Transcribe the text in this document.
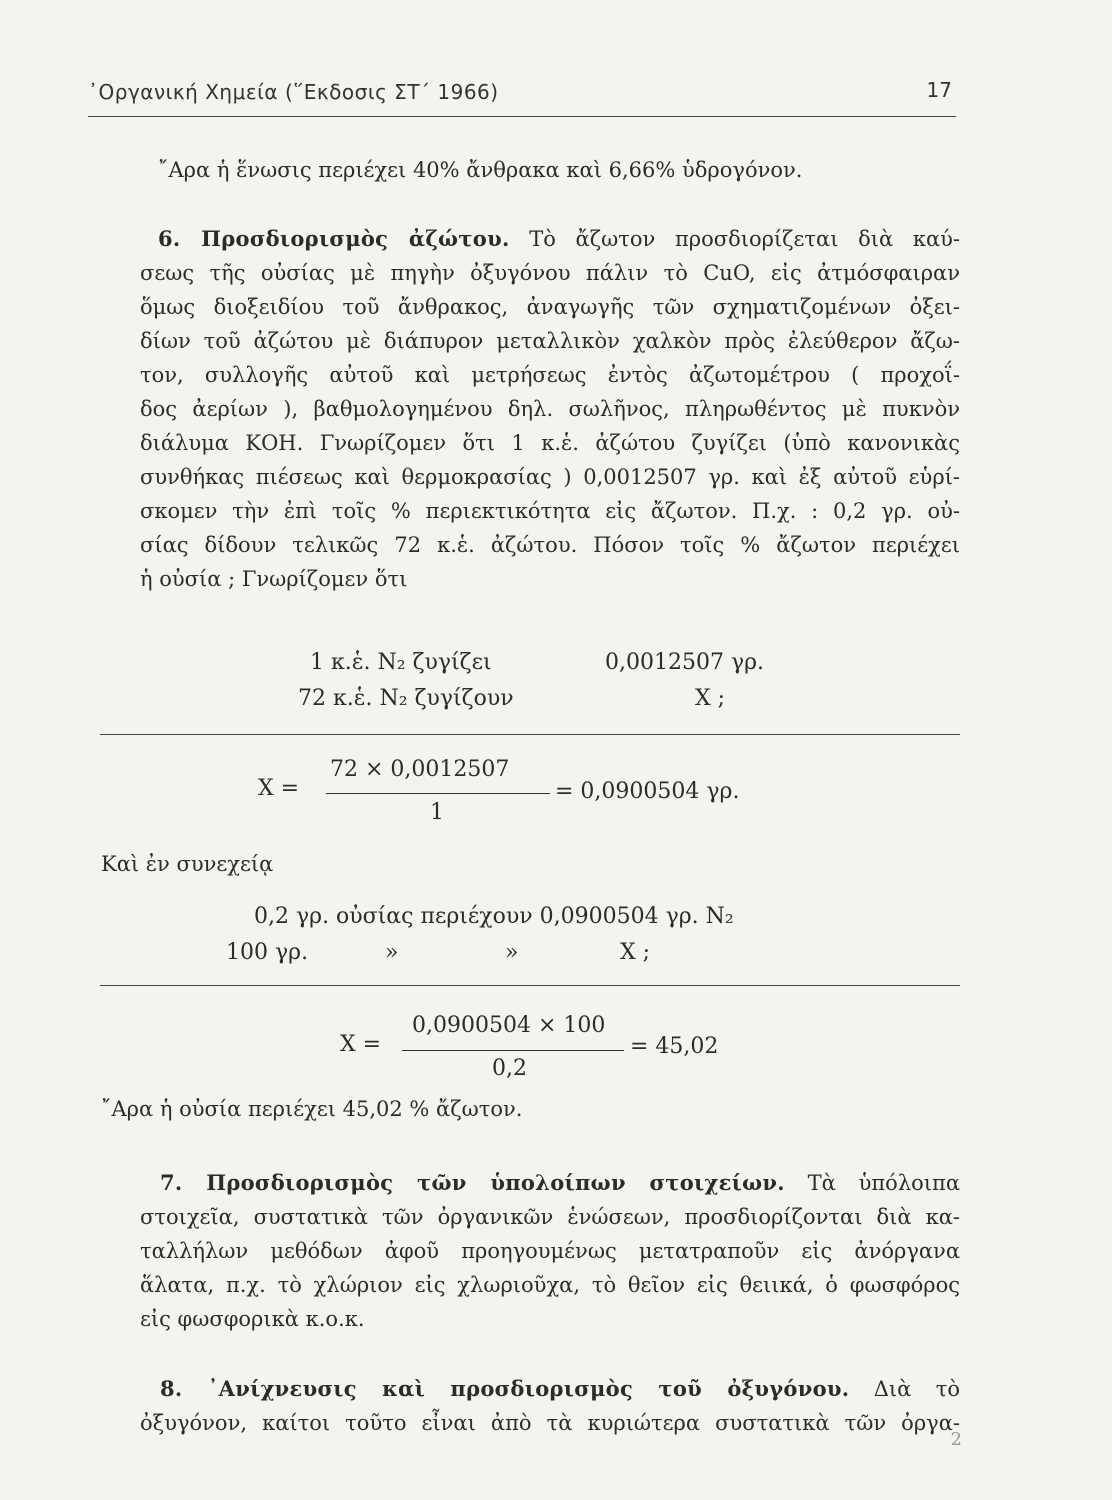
᾽Οργανική Χημεία (῞Εκδοσις ΣΤ΄ 1966)	17
῎Αρα ἡ ἕνωσις περιέχει 40% ἄνθρακα καὶ 6,66% ὑδρογόνον.
6. Προσδιορισμὸς ἀζώτου. Τὸ ἄζωτον προσδιορίζεται διὰ καύ-
σεως τῆς οὐσίας μὲ πηγὴν ὀξυγόνου πάλιν τὸ CuO, εἰς ἀτμόσφαιραν
ὅμως διοξειδίου τοῦ ἄνθρακος, ἀναγωγῆς τῶν σχηματιζομένων ὀξει-
δίων τοῦ ἀζώτου μὲ διάπυρον μεταλλικὸν χαλκὸν πρὸς ἐλεύθερον ἄζω-
τον, συλλογῆς αὐτοῦ καὶ μετρήσεως ἐντὸς ἀζωτομέτρου ( προχοΐ-
δος ἀερίων ), βαθμολογημένου δηλ. σωλῆνος, πληρωθέντος μὲ πυκνὸν
διάλυμα ΚΟΗ. Γνωρίζομεν ὅτι 1 κ.ἑ. ἀζώτου ζυγίζει (ὑπὸ κανονικὰς
συνθήκας πιέσεως καὶ θερμοκρασίας ) 0,0012507 γρ. καὶ ἐξ αὐτοῦ εὑρί-
σκομεν τὴν ἐπὶ τοῖς % περιεκτικότητα εἰς ἄζωτον. Π.χ. : 0,2 γρ. οὐ-
σίας δίδουν τελικῶς 72 κ.ἑ. ἀζώτου. Πόσον τοῖς % ἄζωτον περιέχει
ἡ οὐσία ; Γνωρίζομεν ὅτι
1 κ.ἑ. N₂ ζυγίζει	0,0012507 γρ.
72 κ.ἑ. N₂ ζυγίζουν	X ;
X =
72 × 0,0012507
1
= 0,0900504 γρ.
Καὶ ἐν συνεχείᾳ
0,2 γρ. οὐσίας περιέχουν 0,0900504 γρ. N₂
100 γρ.	»	»	X ;
X =
0,0900504 × 100
0,2
= 45,02
῎Αρα ἡ οὐσία περιέχει 45,02 % ἄζωτον.
7. Προσδιορισμὸς τῶν ὑπολοίπων στοιχείων. Τὰ ὑπόλοιπα
στοιχεῖα, συστατικὰ τῶν ὀργανικῶν ἑνώσεων, προσδιορίζονται διὰ κα-
ταλλήλων μεθόδων ἀφοῦ προηγουμένως μετατραποῦν εἰς ἀνόργανα
ἅλατα, π.χ. τὸ χλώριον εἰς χλωριοῦχα, τὸ θεῖον εἰς θειικά, ὁ φωσφόρος
εἰς φωσφορικὰ κ.ο.κ.
8. ᾽Ανίχνευσις καὶ προσδιορισμὸς τοῦ ὀξυγόνου. Διὰ τὸ
ὀξυγόνον, καίτοι τοῦτο εἶναι ἀπὸ τὰ κυριώτερα συστατικὰ τῶν ὀργα-
2
